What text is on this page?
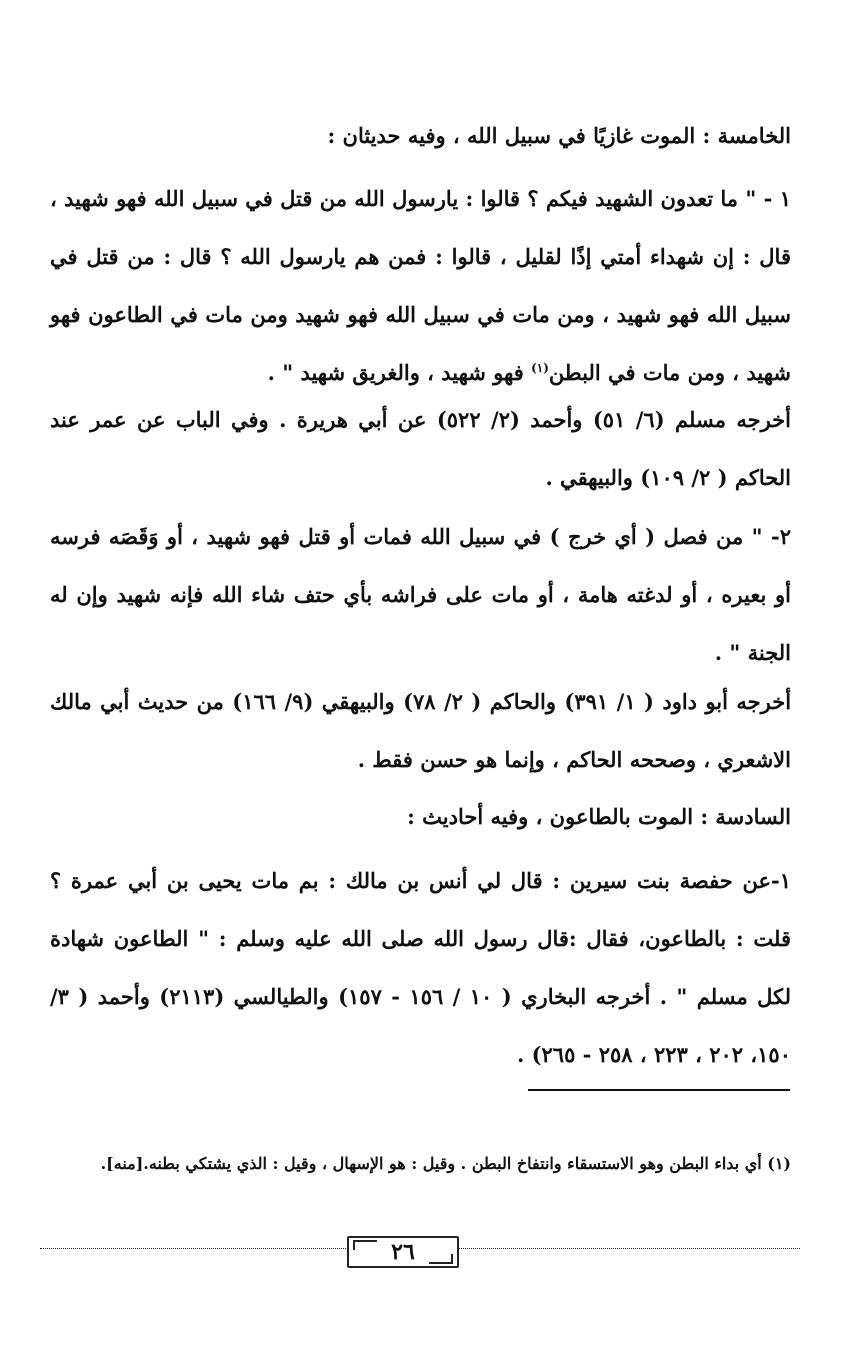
الخامسة : الموت غازيًا في سبيل الله ، وفيه حديثان :
١ - " ما تعدون الشهيد فيكم ؟ قالوا : يارسول الله من قتل في سبيل الله فهو شهيد ، قال : إن شهداء أمتي إذًا لقليل ، قالوا : فمن هم يارسول الله ؟ قال : من قتل في سبيل الله فهو شهيد ، ومن مات في سبيل الله فهو شهيد ومن مات في الطاعون فهو شهيد ، ومن مات في البطن$^{(١)}$ فهو شهيد ، والغريق شهيد " .
أخرجه مسلم (٦/ ٥١) وأحمد (٢/ ٥٢٢) عن أبي هريرة . وفي الباب عن عمر عند الحاكم ( ٢/ ١٠٩) والبيهقي .
٢- " من فصل ( أي خرج ) في سبيل الله فمات أو قتل فهو شهيد ، أو وَقَصَه فرسه أو بعيره ، أو لدغته هامة ، أو مات على فراشه بأي حتف شاء الله فإنه شهيد وإن له الجنة " .
أخرجه أبو داود ( ١/ ٣٩١) والحاكم ( ٢/ ٧٨) والبيهقي (٩/ ١٦٦) من حديث أبي مالك الاشعري ، وصححه الحاكم ، وإنما هو حسن فقط .
السادسة : الموت بالطاعون ، وفيه أحاديث :
١-عن حفصة بنت سيرين : قال لي أنس بن مالك : بم مات يحيى بن أبي عمرة ؟ قلت : بالطاعون، فقال :قال رسول الله صلى الله عليه وسلم : " الطاعون شهادة لكل مسلم " . أخرجه البخاري ( ١٠ / ١٥٦ - ١٥٧) والطيالسي (٢١١٣) وأحمد ( ٣/ ١٥٠، ٢٠٢ ، ٢٢٣ ، ٢٥٨ - ٢٦٥) .
(١) أي بداء البطن وهو الاستسقاء وانتفاخ البطن . وقيل : هو الإسهال ، وقيل : الذي يشتكي بطنه.[منه].
٢٦
